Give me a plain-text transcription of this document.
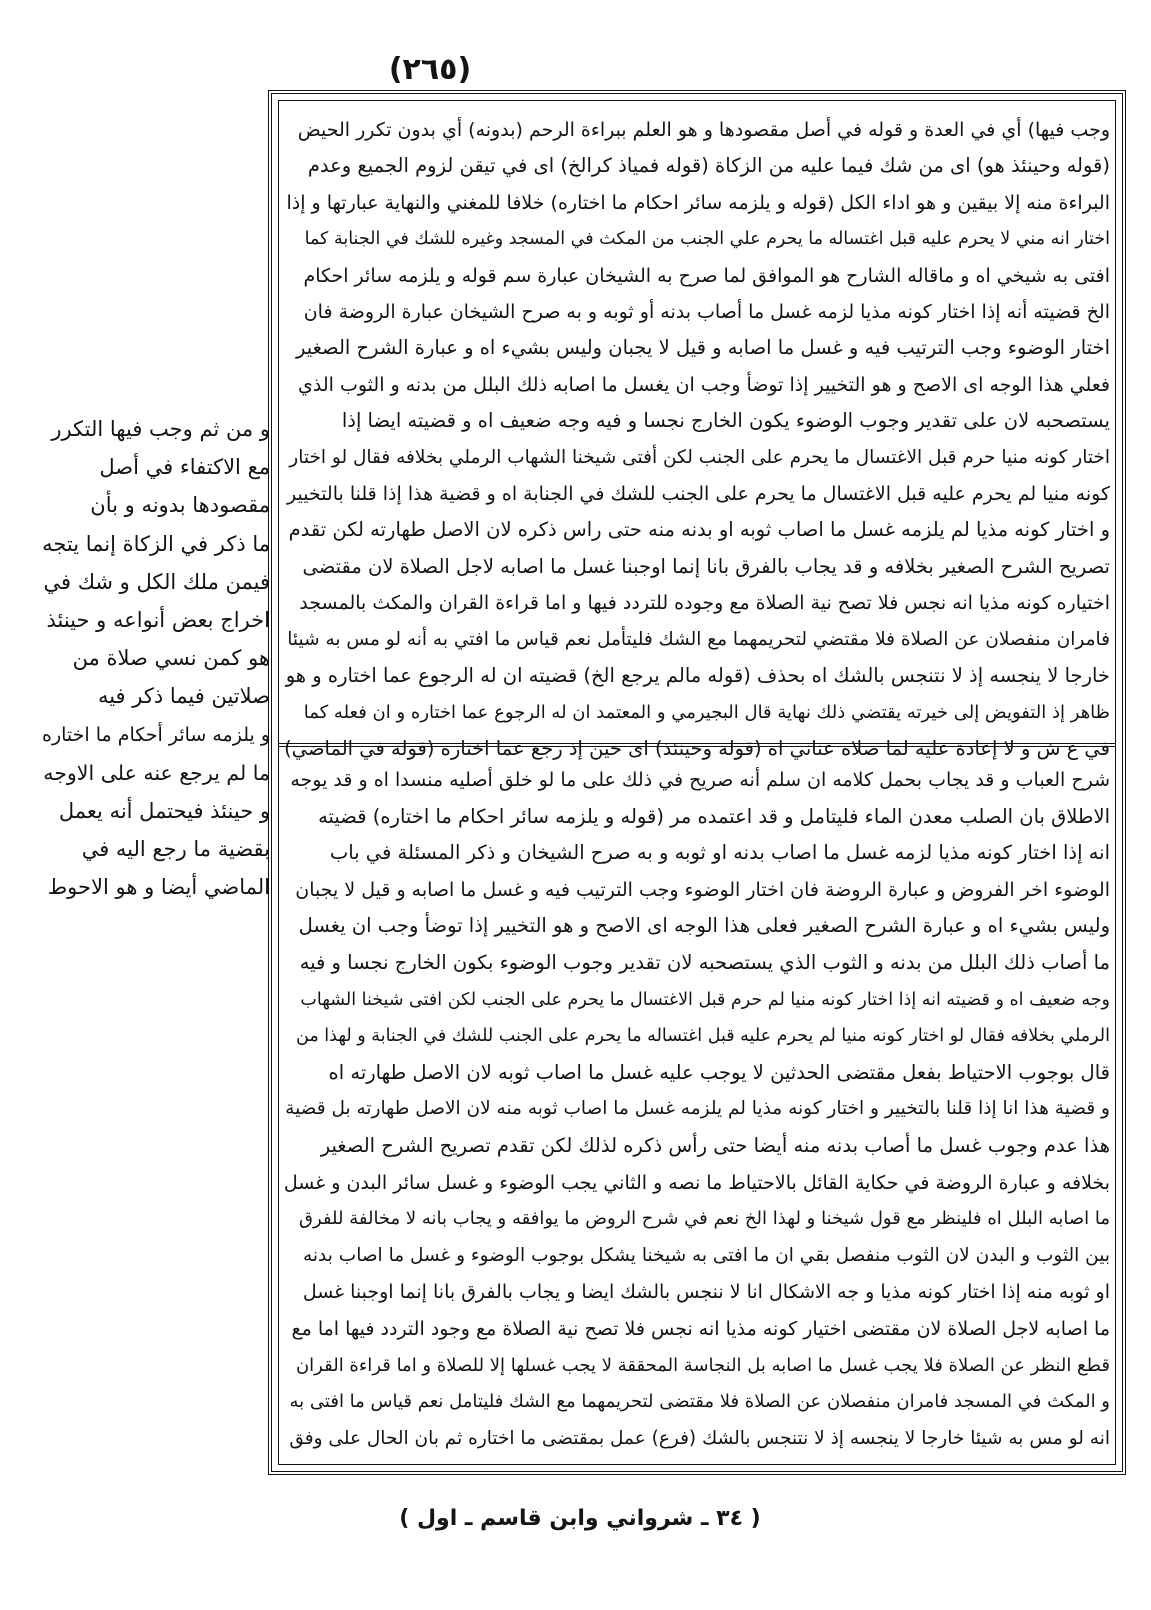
(٢٦٥)
وجب فيها) أي في العدة و قوله في أصل مقصودها و هو العلم ببراءة الرحم (بدونه) أي بدون تكرر الحيض
(قوله وحينئذ هو) اى من شك فيما عليه من الزكاة (قوله فمياذ كرالخ) اى في تيقن لزوم الجميع وعدم
البراءة منه إلا بيقين و هو اداء الكل (قوله و يلزمه سائر احكام ما اختاره) خلافا للمغني والنهاية عبارتها و إذا
اختار انه مني لا يحرم عليه قبل اغتساله ما يحرم علي الجنب من المكث في المسجد وغيره للشك في الجنابة كما
افتى به شيخي اه و ماقاله الشارح هو الموافق لما صرح به الشيخان عبارة سم قوله و يلزمه سائر احكام
الخ قضيته أنه إذا اختار كونه مذيا لزمه غسل ما أصاب بدنه أو ثوبه و به صرح الشيخان عبارة الروضة فان
اختار الوضوء وجب الترتيب فيه و غسل ما اصابه و قيل لا يجبان وليس بشيء اه و عبارة الشرح الصغير
فعلي هذا الوجه اى الاصح و هو التخيير إذا توضأ وجب ان يغسل ما اصابه ذلك البلل من بدنه و الثوب الذي
يستصحبه لان على تقدير وجوب الوضوء يكون الخارج نجسا و فيه وجه ضعيف اه و قضيته ايضا إذا
اختار كونه منيا حرم قبل الاغتسال ما يحرم على الجنب لكن أفتى شيخنا الشهاب الرملي بخلافه فقال لو اختار
كونه منيا لم يحرم عليه قبل الاغتسال ما يحرم على الجنب للشك في الجنابة اه و قضية هذا إذا قلنا بالتخيير
و اختار كونه مذيا لم يلزمه غسل ما اصاب ثوبه او بدنه منه حتى راس ذكره لان الاصل طهارته لكن تقدم
تصريح الشرح الصغير بخلافه و قد يجاب بالفرق بانا إنما اوجبنا غسل ما اصابه لاجل الصلاة لان مقتضى
اختياره كونه مذيا انه نجس فلا تصح نية الصلاة مع وجوده للتردد فيها و اما قراءة القران والمكث بالمسجد
فامران منفصلان عن الصلاة فلا مقتضي لتحريمهما مع الشك فليتأمل نعم قياس ما افتي به أنه لو مس به شيئا
خارجا لا ينجسه إذ لا نتنجس بالشك اه بحذف (قوله مالم يرجع الخ) قضيته ان له الرجوع عما اختاره و هو
ظاهر إذ التفويض إلى خيرته يقتضي ذلك نهاية قال البجيرمي و المعتمد ان له الرجوع عما اختاره و ان فعله كما
في ع ش و لا إعادة عليه لما صلاه عناني اه (قوله وحينئذ) اى حين إذ رجع عما اختاره (قوله في الماضي)
شرح العباب و قد يجاب بحمل كلامه ان سلم أنه صريح في ذلك على ما لو خلق أصليه منسدا اه و قد يوجه
الاطلاق بان الصلب معدن الماء فليتامل و قد اعتمده مر (قوله و يلزمه سائر احكام ما اختاره) قضيته
انه إذا اختار كونه مذيا لزمه غسل ما اصاب بدنه او ثوبه و به صرح الشيخان و ذكر المسئلة في باب
الوضوء اخر الفروض و عبارة الروضة فان اختار الوضوء وجب الترتيب فيه و غسل ما اصابه و قيل لا يجبان
وليس بشيء اه و عبارة الشرح الصغير فعلى هذا الوجه اى الاصح و هو التخيير إذا توضأ وجب ان يغسل
ما أصاب ذلك البلل من بدنه و الثوب الذي يستصحبه لان تقدير وجوب الوضوء بكون الخارج نجسا و فيه
وجه ضعيف اه و قضيته انه إذا اختار كونه منيا لم حرم قبل الاغتسال ما يحرم على الجنب لكن افتى شيخنا الشهاب
الرملي بخلافه فقال لو اختار كونه منيا لم يحرم عليه قبل اغتساله ما يحرم على الجنب للشك في الجنابة و لهذا من
قال بوجوب الاحتياط بفعل مقتضى الحدثين لا يوجب عليه غسل ما اصاب ثوبه لان الاصل طهارته اه
و قضية هذا انا إذا قلنا بالتخيير و اختار كونه مذيا لم يلزمه غسل ما اصاب ثوبه منه لان الاصل طهارته بل قضية
هذا عدم وجوب غسل ما أصاب بدنه منه أيضا حتى رأس ذكره لذلك لكن تقدم تصريح الشرح الصغير
بخلافه و عبارة الروضة في حكاية القائل بالاحتياط ما نصه و الثاني يجب الوضوء و غسل سائر البدن و غسل
ما اصابه البلل اه فلينظر مع قول شيخنا و لهذا الخ نعم في شرح الروض ما يوافقه و يجاب بانه لا مخالفة للفرق
بين الثوب و البدن لان الثوب منفصل بقي ان ما افتى به شيخنا يشكل بوجوب الوضوء و غسل ما اصاب بدنه
او ثوبه منه إذا اختار كونه مذيا و جه الاشكال انا لا ننجس بالشك ايضا و يجاب بالفرق بانا إنما اوجبنا غسل
ما اصابه لاجل الصلاة لان مقتضى اختيار كونه مذيا انه نجس فلا تصح نية الصلاة مع وجود التردد فيها اما مع
قطع النظر عن الصلاة فلا يجب غسل ما اصابه بل النجاسة المحققة لا يجب غسلها إلا للصلاة و اما قراءة القران
و المكث في المسجد فامران منفصلان عن الصلاة فلا مقتضى لتحريمهما مع الشك فليتامل نعم قياس ما افتى به
انه لو مس به شيئا خارجا لا ينجسه إذ لا نتنجس بالشك (فرع) عمل بمقتضى ما اختاره ثم بان الحال على وفق
و من ثم وجب فيها التكرر
مع الاكتفاء في أصل
مقصودها بدونه و بأن
ما ذكر في الزكاة إنما يتجه
فيمن ملك الكل و شك في
اخراج بعض أنواعه و حينئذ
هو كمن نسي صلاة من
صلاتين فيما ذكر فيه
و يلزمه سائر أحكام ما اختاره
ما لم يرجع عنه على الاوجه
و حينئذ فيحتمل أنه يعمل
بقضية ما رجع اليه في
الماضي أيضا و هو الاحوط
( ٣٤ ـ شرواني وابن قاسم ـ اول )
